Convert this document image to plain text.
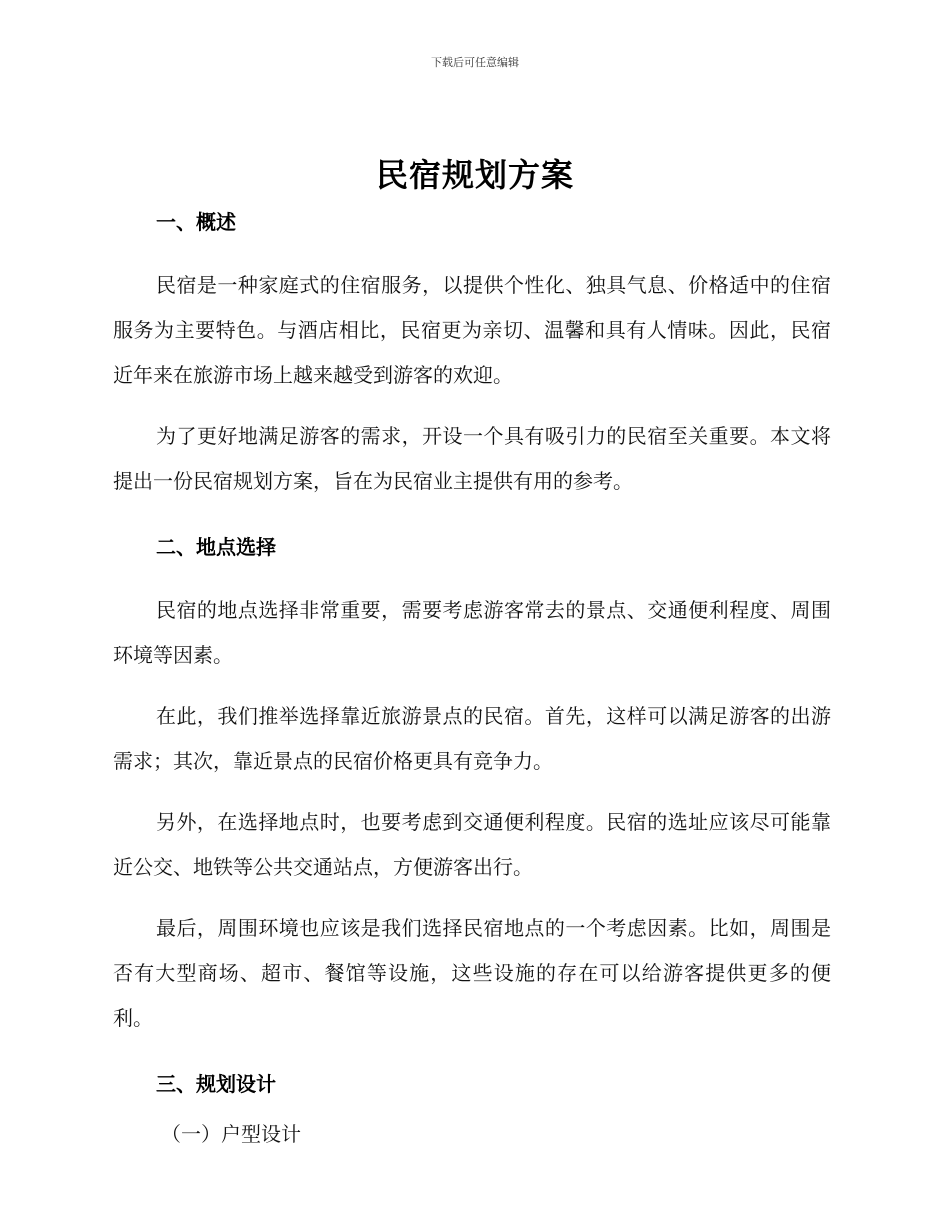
下载后可任意编辑
民宿规划方案
一、概述
民宿是一种家庭式的住宿服务，以提供个性化、独具气息、价格适中的住宿服务为主要特色。与酒店相比，民宿更为亲切、温馨和具有人情味。因此，民宿近年来在旅游市场上越来越受到游客的欢迎。
为了更好地满足游客的需求，开设一个具有吸引力的民宿至关重要。本文将提出一份民宿规划方案，旨在为民宿业主提供有用的参考。
二、地点选择
民宿的地点选择非常重要，需要考虑游客常去的景点、交通便利程度、周围环境等因素。
在此，我们推举选择靠近旅游景点的民宿。首先，这样可以满足游客的出游需求；其次，靠近景点的民宿价格更具有竞争力。
另外，在选择地点时，也要考虑到交通便利程度。民宿的选址应该尽可能靠近公交、地铁等公共交通站点，方便游客出行。
最后，周围环境也应该是我们选择民宿地点的一个考虑因素。比如，周围是否有大型商场、超市、餐馆等设施，这些设施的存在可以给游客提供更多的便利。
三、规划设计
（一）户型设计
